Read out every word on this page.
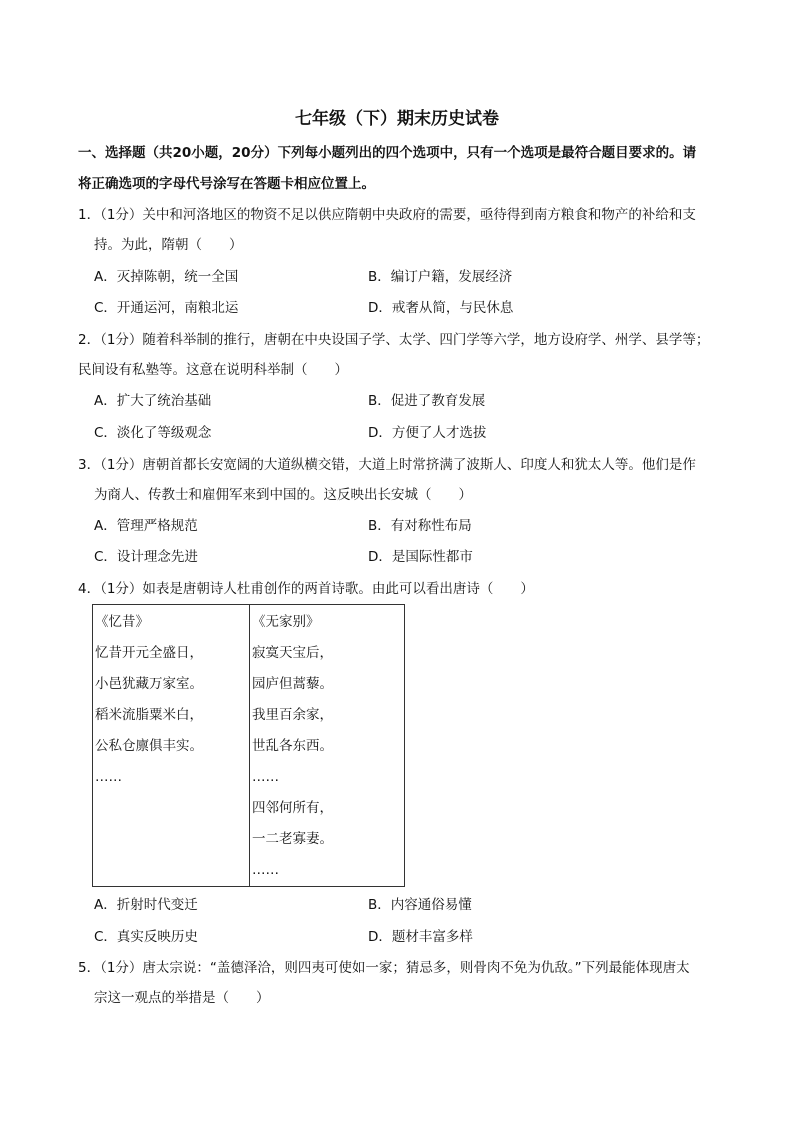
七年级（下）期末历史试卷
一、选择题（共20小题，20分）下列每小题列出的四个选项中，只有一个选项是最符合题目要求的。请
将正确选项的字母代号涂写在答题卡相应位置上。
1．（1分）关中和河洛地区的物资不足以供应隋朝中央政府的需要，亟待得到南方粮食和物产的补给和支
持。为此，隋朝（　　）
A．灭掉陈朝，统一全国	B．编订户籍，发展经济
C．开通运河，南粮北运	D．戒奢从简，与民休息
2．（1分）随着科举制的推行，唐朝在中央设国子学、太学、四门学等六学，地方设府学、州学、县学等；
民间设有私塾等。这意在说明科举制（　　）
A．扩大了统治基础	B．促进了教育发展
C．淡化了等级观念	D．方便了人才选拔
3．（1分）唐朝首都长安宽阔的大道纵横交错，大道上时常挤满了波斯人、印度人和犹太人等。他们是作
为商人、传教士和雇佣军来到中国的。这反映出长安城（　　）
A．管理严格规范	B．有对称性布局
C．设计理念先进	D．是国际性都市
4．（1分）如表是唐朝诗人杜甫创作的两首诗歌。由此可以看出唐诗（　　）
《忆昔》
忆昔开元全盛日，
小邑犹藏万家室。
稻米流脂粟米白，
公私仓廪俱丰实。
……
《无家别》
寂寞天宝后，
园庐但蒿藜。
我里百余家，
世乱各东西。
……
四邻何所有，
一二老寡妻。
……
A．折射时代变迁	B．内容通俗易懂
C．真实反映历史	D．题材丰富多样
5．（1分）唐太宗说：“盖德泽洽，则四夷可使如一家；猜忌多，则骨肉不免为仇敌。”下列最能体现唐太
宗这一观点的举措是（　　）
